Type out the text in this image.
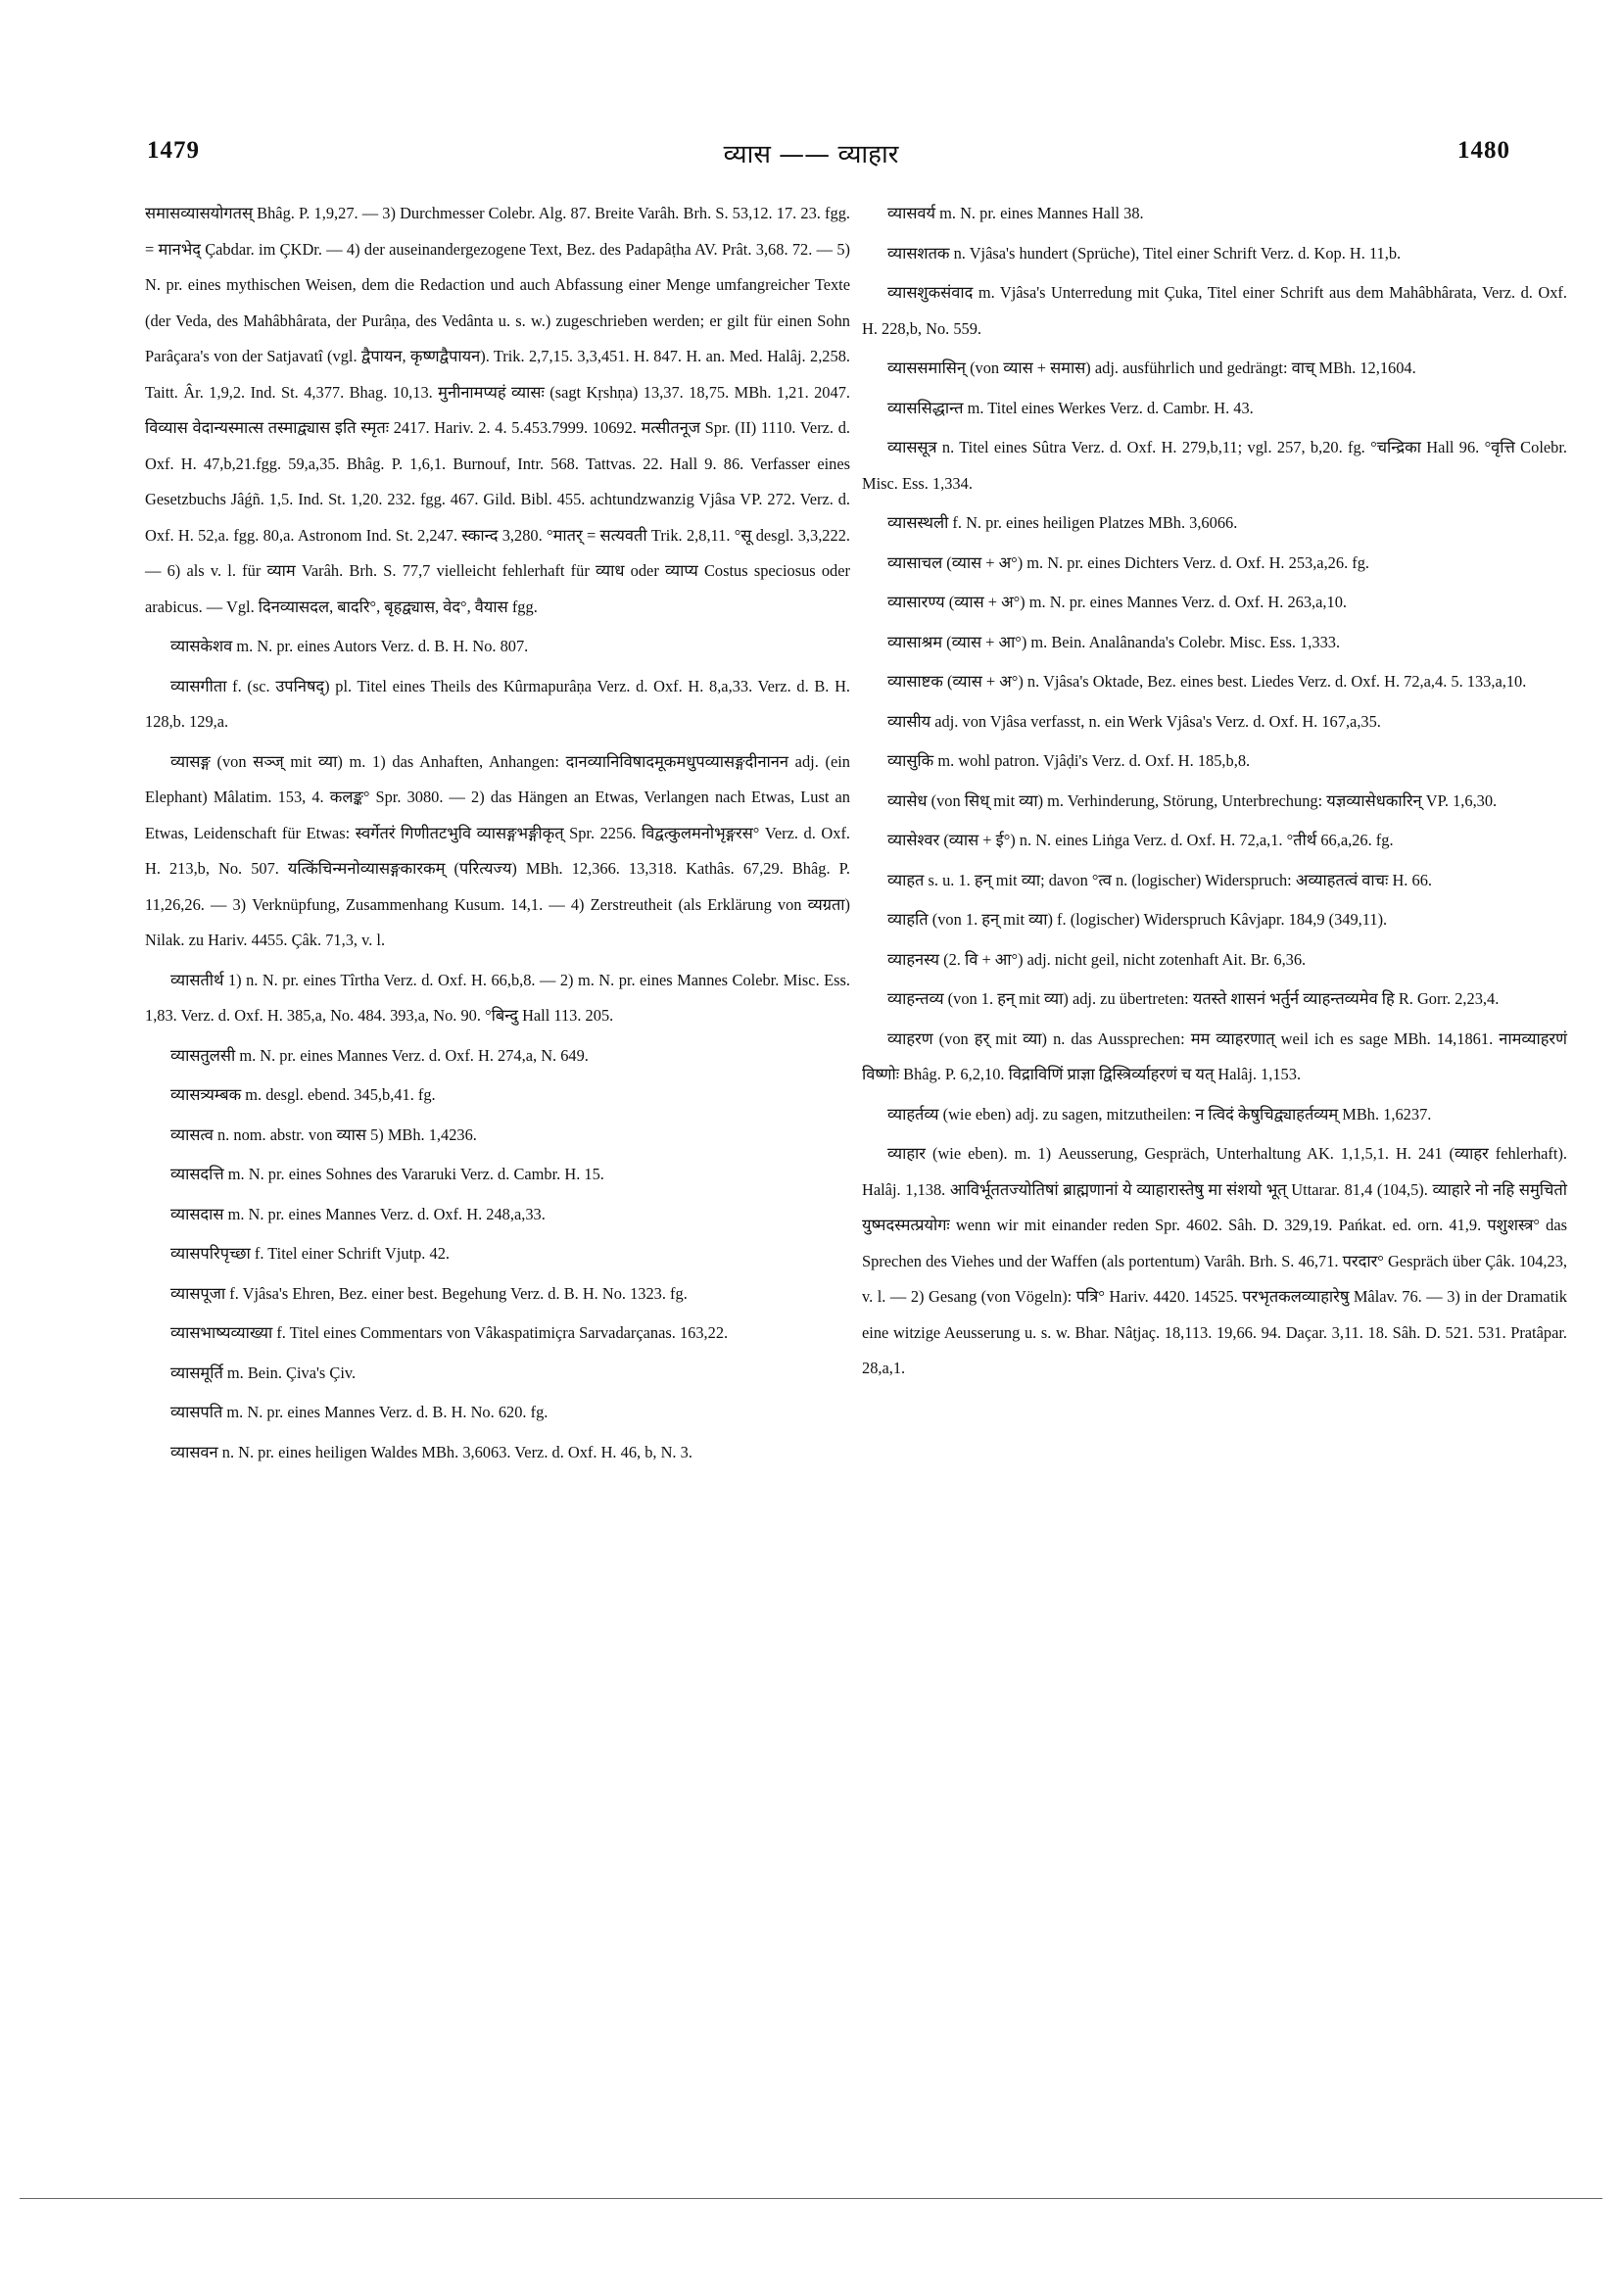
1479	व्यास —— व्याहार	1480

समासव्यासयोगतस् Bhâg. P. 1,9,27. — 3) Durchmesser Colebr. Alg. 87. Breite Varâh. Brh. S. 53,12. 17. 23. fgg. = मानभेद् Çabdar. im ÇKDr. — 4) der auseinandergezogene Text, Bez. des Padapâṭha AV. Prât. 3,68. 72. — 5) N. pr. eines mythischen Weisen, dem die Redaction und auch Abfassung einer Menge umfangreicher Texte (der Veda, des Mahâbhârata, der Purâṇa, des Vedânta u. s. w.) zugeschrieben werden; er gilt für einen Sohn Parâçara's von der Satjavatî (vgl. द्वैपायन, कृष्णद्वैपायन). Trik. 2,7,15. 3,3,451. H. 847. H. an. Med. Halâj. 2,258. Taitt. Âr. 1,9,2. Ind. St. 4,377. Bhag. 10,13. मुनीनामप्यहं व्यासः (sagt Kṛshṇa) 13,37. 18,75. MBh. 1,21. 2047. विव्यास वेदान्यस्मात्स तस्माद्व्यास इति स्मृतः 2417. Hariv. 2. 4. 5.453.7999. 10692. मत्सीतनूज Spr. (II) 1110. Verz. d. Oxf. H. 47,b,21.fgg. 59,a,35. Bhâg. P. 1,6,1. Burnouf, Intr. 568. Tattvas. 22. Hall 9. 86. Verfasser eines Gesetzbuchs Jâǵñ. 1,5. Ind. St. 1,20. 232. fgg. 467. Gild. Bibl. 455. achtundzwanzig Vjâsa VP. 272. Verz. d. Oxf. H. 52,a. fgg. 80,a. Astronom Ind. St. 2,247. स्कान्द 3,280. °मातर् = सत्यवती Trik. 2,8,11. °सू desgl. 3,3,222. — 6) als v. l. für व्याम Varâh. Brh. S. 77,7 vielleicht fehlerhaft für व्याध oder व्याप्य Costus speciosus oder arabicus. — Vgl. दिनव्यासदल, बादरि°, बृहद्व्यास, वेद°, वैयास fgg.

व्यासकेशव m. N. pr. eines Autors Verz. d. B. H. No. 807.

व्यासगीता f. (sc. उपनिषद्) pl. Titel eines Theils des Kûrmapurâṇa Verz. d. Oxf. H. 8,a,33. Verz. d. B. H. 128,b. 129,a.

व्यासङ्ग (von सञ्ज् mit व्या) m. 1) das Anhaften, Anhangen: दानव्यानिविषादमूकमधुपव्यासङ्गदीनानन adj. (ein Elephant) Mâlatim. 153, 4. कलङ्क° Spr. 3080. — 2) das Hängen an Etwas, Verlangen nach Etwas, Lust an Etwas, Leidenschaft für Etwas: स्वर्गेतरं गिणीतटभुवि व्यासङ्गभङ्गीकृत् Spr. 2256. विद्वत्कुलमनोभृङ्गरस° Verz. d. Oxf. H. 213,b, No. 507. यत्किंचिन्मनोव्यासङ्गकारकम् (परित्यज्य) MBh. 12,366. 13,318. Kathâs. 67,29. Bhâg. P. 11,26,26. — 3) Verknüpfung, Zusammenhang Kusum. 14,1. — 4) Zerstreutheit (als Erklärung von व्यग्रता) Nilak. zu Hariv. 4455. Çâk. 71,3, v. l.

व्यासतीर्थ 1) n. N. pr. eines Tîrtha Verz. d. Oxf. H. 66,b,8. — 2) m. N. pr. eines Mannes Colebr. Misc. Ess. 1,83. Verz. d. Oxf. H. 385,a, No. 484. 393,a, No. 90. °बिन्दु Hall 113. 205.

व्यासतुलसी m. N. pr. eines Mannes Verz. d. Oxf. H. 274,a, N. 649.

व्यासत्र्यम्बक m. desgl. ebend. 345,b,41. fg.

व्यासत्व n. nom. abstr. von व्यास 5) MBh. 1,4236.

व्यासदत्ति m. N. pr. eines Sohnes des Vararuki Verz. d. Cambr. H. 15.

व्यासदास m. N. pr. eines Mannes Verz. d. Oxf. H. 248,a,33.

व्यासपरिपृच्छा f. Titel einer Schrift Vjutp. 42.

व्यासपूजा f. Vjâsa's Ehren, Bez. einer best. Begehung Verz. d. B. H. No. 1323. fg.

व्यासभाष्यव्याख्या f. Titel eines Commentars von Vâkaspatimiçra Sarvadarçanas. 163,22.

व्यासमूर्ति m. Bein. Çiva's Çiv.

व्यासपति m. N. pr. eines Mannes Verz. d. B. H. No. 620. fg.

व्यासवन n. N. pr. eines heiligen Waldes MBh. 3,6063. Verz. d. Oxf. H. 46, b, N. 3.

व्यासवर्य m. N. pr. eines Mannes Hall 38.

व्यासशतक n. Vjâsa's hundert (Sprüche), Titel einer Schrift Verz. d. Kop. H. 11,b.

व्यासशुकसंवाद m. Vjâsa's Unterredung mit Çuka, Titel einer Schrift aus dem Mahâbhârata, Verz. d. Oxf. H. 228,b, No. 559.

व्याससमासिन् (von व्यास + समास) adj. ausführlich und gedrängt: वाच् MBh. 12,1604.

व्याससिद्धान्त m. Titel eines Werkes Verz. d. Cambr. H. 43.

व्याससूत्र n. Titel eines Sûtra Verz. d. Oxf. H. 279,b,11; vgl. 257, b,20. fg. °चन्द्रिका Hall 96. °वृत्ति Colebr. Misc. Ess. 1,334.

व्यासस्थली f. N. pr. eines heiligen Platzes MBh. 3,6066.

व्यासाचल (व्यास + अ°) m. N. pr. eines Dichters Verz. d. Oxf. H. 253,a,26. fg.

व्यासारण्य (व्यास + अ°) m. N. pr. eines Mannes Verz. d. Oxf. H. 263,a,10.

व्यासाश्रम (व्यास + आ°) m. Bein. Analânanda's Colebr. Misc. Ess. 1,333.

व्यासाष्टक (व्यास + अ°) n. Vjâsa's Oktade, Bez. eines best. Liedes Verz. d. Oxf. H. 72,a,4. 5. 133,a,10.

व्यासीय adj. von Vjâsa verfasst, n. ein Werk Vjâsa's Verz. d. Oxf. H. 167,a,35.

व्यासुकि m. wohl patron. Vjâḍi's Verz. d. Oxf. H. 185,b,8.

व्यासेध (von सिध् mit व्या) m. Verhinderung, Störung, Unterbrechung: यज्ञव्यासेधकारिन् VP. 1,6,30.

व्यासेश्वर (व्यास + ई°) n. N. eines Liṅga Verz. d. Oxf. H. 72,a,1. °तीर्थ 66,a,26. fg.

व्याहत s. u. 1. हन् mit व्या; davon °त्व n. (logischer) Widerspruch: अव्याहतत्वं वाचः H. 66.

व्याहति (von 1. हन् mit व्या) f. (logischer) Widerspruch Kâvjapr. 184,9 (349,11).

व्याहनस्य (2. वि + आ°) adj. nicht geil, nicht zotenhaft Ait. Br. 6,36.

व्याहन्तव्य (von 1. हन् mit व्या) adj. zu übertreten: यतस्ते शासनं भर्तुर्न व्याहन्तव्यमेव हि R. Gorr. 2,23,4.

व्याहरण (von हर् mit व्या) n. das Aussprechen: मम व्याहरणात् weil ich es sage MBh. 14,1861. नामव्याहरणं विष्णोः Bhâg. P. 6,2,10. विद्राविणिं प्राज्ञा द्विस्त्रिर्व्याहरणं च यत् Halâj. 1,153.

व्याहर्तव्य (wie eben) adj. zu sagen, mitzutheilen: न त्विदं केषुचिद्व्याहर्तव्यम् MBh. 1,6237.

व्याहार (wie eben). m. 1) Aeusserung, Gespräch, Unterhaltung AK. 1,1,5,1. H. 241 (व्याहर fehlerhaft). Halâj. 1,138. आविर्भूततज्योतिषां ब्राह्मणानां ये व्याहारास्तेषु मा संशयो भूत् Uttarar. 81,4 (104,5). व्याहारे नो नहि समुचितो युष्मदस्मत्प्रयोगः wenn wir mit einander reden Spr. 4602. Sâh. D. 329,19. Pańkat. ed. orn. 41,9. पशुशस्त्र° das Sprechen des Viehes und der Waffen (als portentum) Varâh. Brh. S. 46,71. परदार° Gespräch über Çâk. 104,23, v. l. — 2) Gesang (von Vögeln): पत्रि° Hariv. 4420. 14525. परभृतकलव्याहारेषु Mâlav. 76. — 3) in der Dramatik eine witzige Aeusserung u. s. w. Bhar. Nâṭjaç. 18,113. 19,66. 94. Daçar. 3,11. 18. Sâh. D. 521. 531. Pratâpar. 28,a,1.
